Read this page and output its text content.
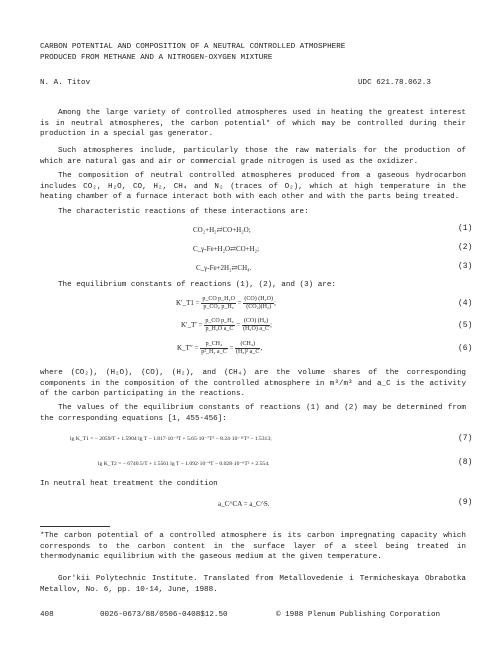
CARBON POTENTIAL AND COMPOSITION OF A NEUTRAL CONTROLLED ATMOSPHERE
PRODUCED FROM METHANE AND A NITROGEN-OXYGEN MIXTURE
N. A. Titov	UDC 621.78.062.3
Among the large variety of controlled atmospheres used in heating the greatest interest is in neutral atmospheres, the carbon potential* of which may be controlled during their production in a special gas generator.
Such atmospheres include, particularly those the raw materials for the production of which are natural gas and air or commercial grade nitrogen is used as the oxidizer.
The composition of neutral controlled atmospheres produced from a gaseous hydrocarbon includes CO₂, H₂O, CO, H₂, CH₄ and N₂ (traces of O₂), which at high temperature in the heating chamber of a furnace interact both with each other and with the parts being treated.
The characteristic reactions of these interactions are:
CO₂+H₂⇄CO+H₂O;	(1)
C_γ-Fe+H₂O⇄CO+H₂;	(2)
C_γ-Fe+2H₂⇄CH₄.	(3)
The equilibrium constants of reactions (1), (2), and (3) are:
K′_T1 = $\frac{\text{p\_CO p\_H₂O}}{\text{p\_CO₂ p\_H₂}} = \frac{\text{(CO) (H₂O)}}{\text{(CO₂)(H₂)}}$ ;	(4)
K′_T′ = $\frac{\text{p\_CO p\_H₂}}{\text{p\_H₂O a\_C}} = \frac{\text{(CO) (H₂)}}{\text{(H₂O) a\_C}}$ ;	(5)
K_T″ = $\frac{\text{p\_CH₄}}{\text{p²\_H₂ a\_C}} = \frac{\text{(CH₄)}}{\text{(H₂)² a\_C}}$ ,	(6)
where (CO₂), (H₂O), (CO), (H₂), and (CH₄) are the volume shares of the corresponding components in the composition of the controlled atmosphere in m³/m³ and a_C is the activity of the carbon participating in the reactions.
The values of the equilibrium constants of reactions (1) and (2) may be determined from the corresponding equations [1, 455-456]:
lg K_T1 = − 2059/T + 1.5904 lg T − 1.817·10⁻³T + 5.65·10⁻⁷T² − 8.24·10⁻¹¹T³ − 1.5313;	(7)
lg K_T2 = − 6740.5/T + 1.5561 lg T − 1.092·10⁻⁴T − 0.028·10⁻⁶T² + 2.554.	(8)
In neutral heat treatment the condition
a_C^CA = a_C^S.	(9)
*The carbon potential of a controlled atmosphere is its carbon impregnating capacity which corresponds to the carbon content in the surface layer of a steel being treated in thermodynamic equilibrium with the gaseous medium at the given temperature.
Gor'kii Polytechnic Institute. Translated from Metallovedenie i Termicheskaya Obrabotka Metallov, No. 6, pp. 10-14, June, 1988.
408	0026-0673/88/0506-0408$12.50	© 1988 Plenum Publishing Corporation
